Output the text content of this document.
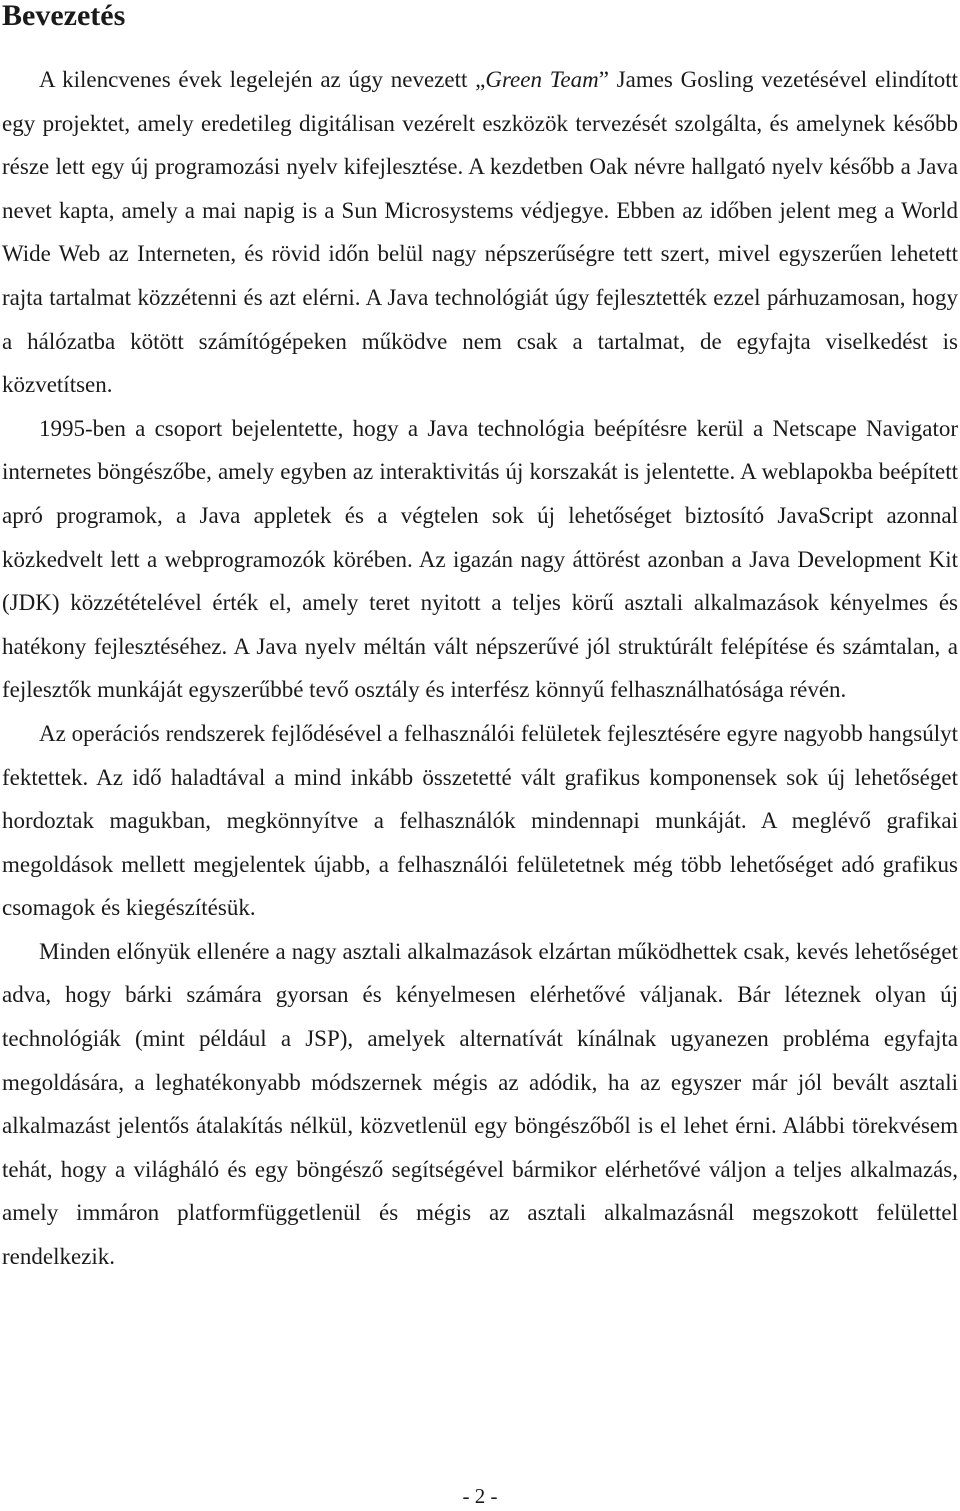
Bevezetés

A kilencvenes évek legelején az úgy nevezett „Green Team” James Gosling vezetésével elindított egy projektet, amely eredetileg digitálisan vezérelt eszközök tervezését szolgálta, és amelynek később része lett egy új programozási nyelv kifejlesztése. A kezdetben Oak névre hallgató nyelv később a Java nevet kapta, amely a mai napig is a Sun Microsystems védjegye. Ebben az időben jelent meg a World Wide Web az Interneten, és rövid időn belül nagy népszerűségre tett szert, mivel egyszerűen lehetett rajta tartalmat közzétenni és azt elérni. A Java technológiát úgy fejlesztették ezzel párhuzamosan, hogy a hálózatba kötött számítógépeken működve nem csak a tartalmat, de egyfajta viselkedést is közvetítsen.

1995-ben a csoport bejelentette, hogy a Java technológia beépítésre kerül a Netscape Navigator internetes böngészőbe, amely egyben az interaktivitás új korszakát is jelentette. A weblapokba beépített apró programok, a Java appletek és a végtelen sok új lehetőséget biztosító JavaScript azonnal közkedvelt lett a webprogramozók körében. Az igazán nagy áttörést azonban a Java Development Kit (JDK) közzétételével érték el, amely teret nyitott a teljes körű asztali alkalmazások kényelmes és hatékony fejlesztéséhez. A Java nyelv méltán vált népszerűvé jól struktúrált felépítése és számtalan, a fejlesztők munkáját egyszerűbbé tevő osztály és interfész könnyű felhasználhatósága révén.

Az operációs rendszerek fejlődésével a felhasználói felületek fejlesztésére egyre nagyobb hangsúlyt fektettek. Az idő haladtával a mind inkább összetetté vált grafikus komponensek sok új lehetőséget hordoztak magukban, megkönnyítve a felhasználók mindennapi munkáját. A meglévő grafikai megoldások mellett megjelentek újabb, a felhasználói felületetnek még több lehetőséget adó grafikus csomagok és kiegészítésük.

Minden előnyük ellenére a nagy asztali alkalmazások elzártan működhettek csak, kevés lehetőséget adva, hogy bárki számára gyorsan és kényelmesen elérhetővé váljanak. Bár léteznek olyan új technológiák (mint például a JSP), amelyek alternatívát kínálnak ugyanezen probléma egyfajta megoldására, a leghatékonyabb módszernek mégis az adódik, ha az egyszer már jól bevált asztali alkalmazást jelentős átalakítás nélkül, közvetlenül egy böngészőből is el lehet érni. Alábbi törekvésem tehát, hogy a világháló és egy böngésző segítségével bármikor elérhetővé váljon a teljes alkalmazás, amely immáron platformfüggetlenül és mégis az asztali alkalmazásnál megszokott felülettel rendelkezik.

- 2 -
